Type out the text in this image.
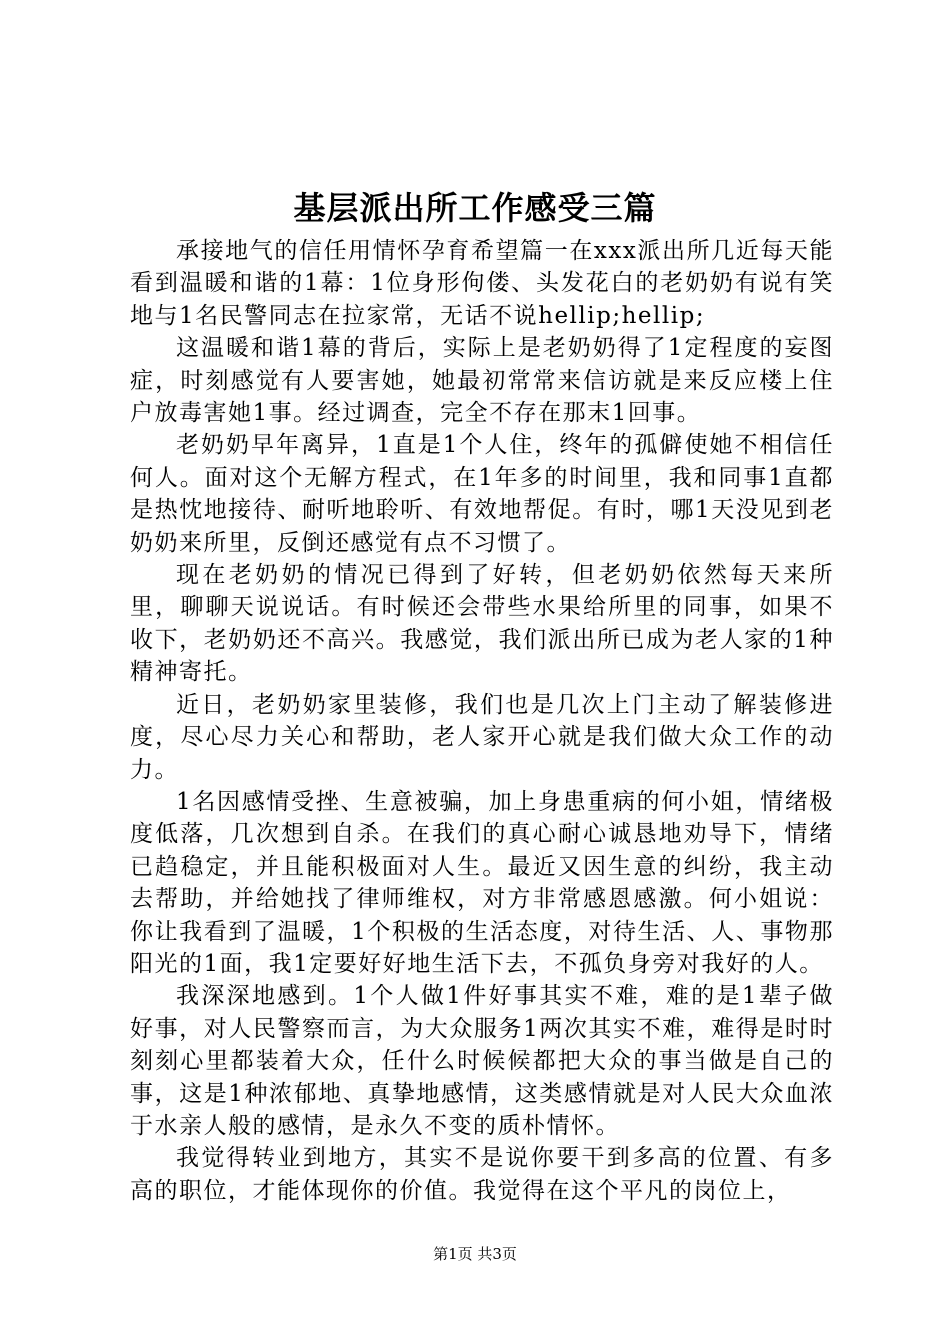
基层派出所工作感受三篇

承接地气的信任用情怀孕育希望篇一在xxx派出所几近每天能看到温暖和谐的1幕：1位身形佝偻、头发花白的老奶奶有说有笑地与1名民警同志在拉家常，无话不说hellip;hellip;

这温暖和谐1幕的背后，实际上是老奶奶得了1定程度的妄图症，时刻感觉有人要害她，她最初常常来信访就是来反应楼上住户放毒害她1事。经过调查，完全不存在那末1回事。

老奶奶早年离异，1直是1个人住，终年的孤僻使她不相信任何人。面对这个无解方程式，在1年多的时间里，我和同事1直都是热忱地接待、耐听地聆听、有效地帮促。有时，哪1天没见到老奶奶来所里，反倒还感觉有点不习惯了。

现在老奶奶的情况已得到了好转，但老奶奶依然每天来所里，聊聊天说说话。有时候还会带些水果给所里的同事，如果不收下，老奶奶还不高兴。我感觉，我们派出所已成为老人家的1种精神寄托。

近日，老奶奶家里装修，我们也是几次上门主动了解装修进度，尽心尽力关心和帮助，老人家开心就是我们做大众工作的动力。

1名因感情受挫、生意被骗，加上身患重病的何小姐，情绪极度低落，几次想到自杀。在我们的真心耐心诚恳地劝导下，情绪已趋稳定，并且能积极面对人生。最近又因生意的纠纷，我主动去帮助，并给她找了律师维权，对方非常感恩感激。何小姐说：你让我看到了温暖，1个积极的生活态度，对待生活、人、事物那阳光的1面，我1定要好好地生活下去，不孤负身旁对我好的人。

我深深地感到。1个人做1件好事其实不难，难的是1辈子做好事，对人民警察而言，为大众服务1两次其实不难，难得是时时刻刻心里都装着大众，任什么时候候都把大众的事当做是自己的事，这是1种浓郁地、真挚地感情，这类感情就是对人民大众血浓于水亲人般的感情，是永久不变的质朴情怀。

我觉得转业到地方，其实不是说你要干到多高的位置、有多高的职位，才能体现你的价值。我觉得在这个平凡的岗位上，

第1页 共3页
